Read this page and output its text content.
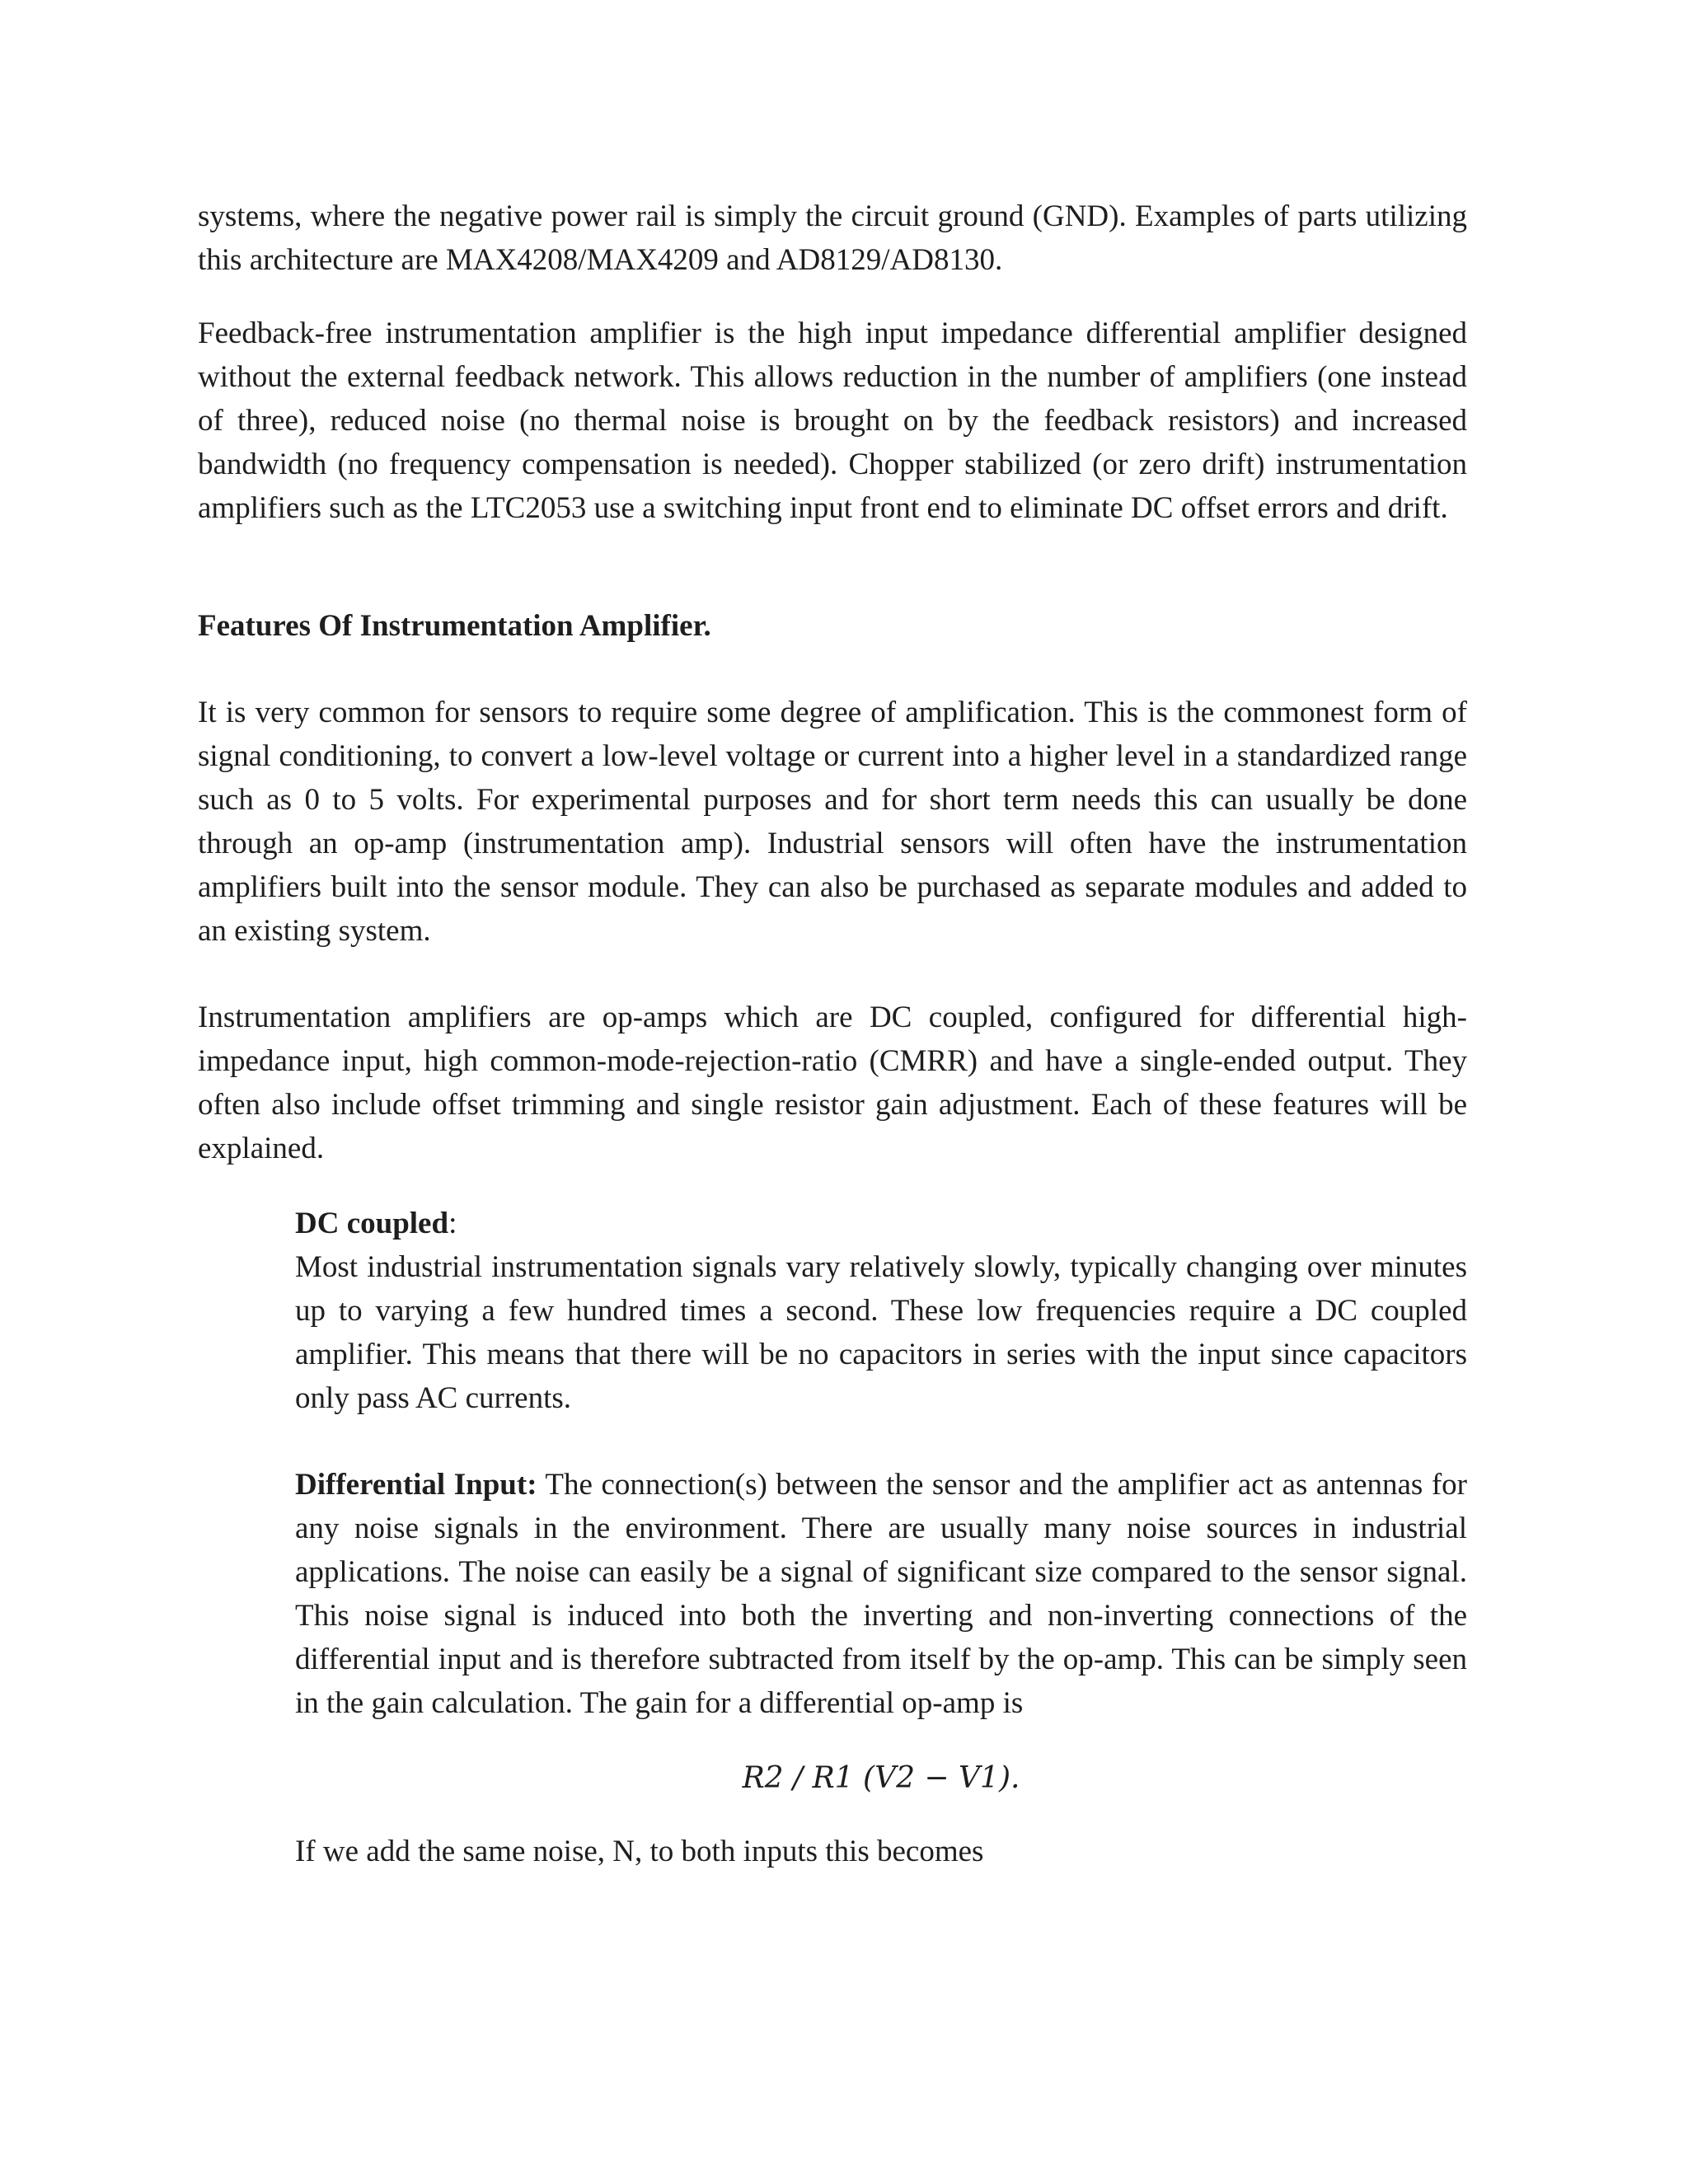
systems, where the negative power rail is simply the circuit ground (GND). Examples of parts utilizing this architecture are MAX4208/MAX4209 and AD8129/AD8130.

Feedback-free instrumentation amplifier is the high input impedance differential amplifier designed without the external feedback network. This allows reduction in the number of amplifiers (one instead of three), reduced noise (no thermal noise is brought on by the feedback resistors) and increased bandwidth (no frequency compensation is needed). Chopper stabilized (or zero drift) instrumentation amplifiers such as the LTC2053 use a switching input front end to eliminate DC offset errors and drift.

Features Of Instrumentation Amplifier.

It is very common for sensors to require some degree of amplification. This is the commonest form of signal conditioning, to convert a low-level voltage or current into a higher level in a standardized range such as 0 to 5 volts. For experimental purposes and for short term needs this can usually be done through an op-amp (instrumentation amp). Industrial sensors will often have the instrumentation amplifiers built into the sensor module. They can also be purchased as separate modules and added to an existing system.

Instrumentation amplifiers are op-amps which are DC coupled, configured for differential high-impedance input, high common-mode-rejection-ratio (CMRR) and have a single-ended output. They often also include offset trimming and single resistor gain adjustment. Each of these features will be explained.

DC coupled:

Most industrial instrumentation signals vary relatively slowly, typically changing over minutes up to varying a few hundred times a second. These low frequencies require a DC coupled amplifier. This means that there will be no capacitors in series with the input since capacitors only pass AC currents.

Differential Input: The connection(s) between the sensor and the amplifier act as antennas for any noise signals in the environment. There are usually many noise sources in industrial applications. The noise can easily be a signal of significant size compared to the sensor signal. This noise signal is induced into both the inverting and non-inverting connections of the differential input and is therefore subtracted from itself by the op-amp. This can be simply seen in the gain calculation. The gain for a differential op-amp is

R2 / R1 (V2 − V1).

If we add the same noise, N, to both inputs this becomes
